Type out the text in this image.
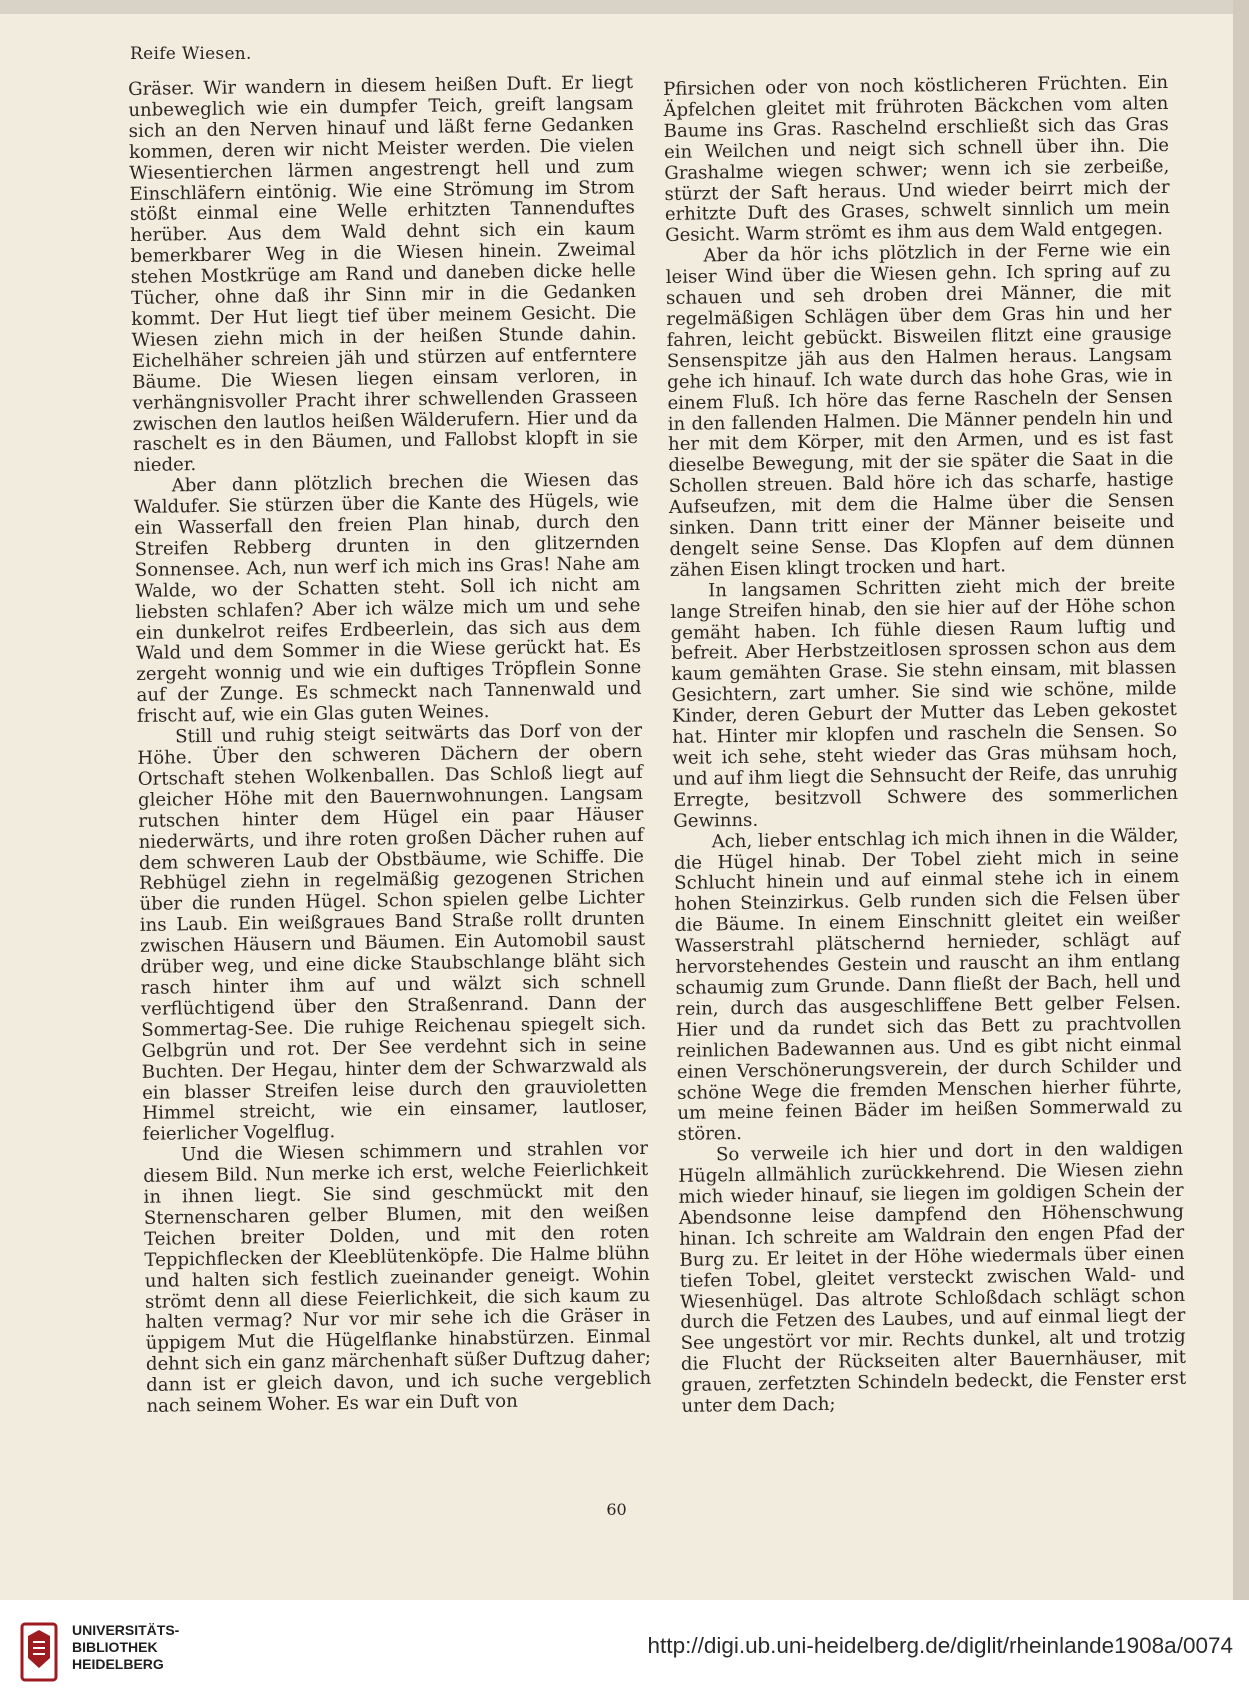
Reife Wiesen.

Gräser. Wir wandern in diesem heißen Duft. Er liegt unbeweglich wie ein dumpfer Teich, greift langsam sich an den Nerven hinauf und läßt ferne Gedanken kommen, deren wir nicht Meister werden. Die vielen Wiesentierchen lärmen angestrengt hell und zum Einschläfern eintönig. Wie eine Strömung im Strom stößt einmal eine Welle erhitzten Tannenduftes herüber. Aus dem Wald dehnt sich ein kaum bemerkbarer Weg in die Wiesen hinein. Zweimal stehen Mostkrüge am Rand und daneben dicke helle Tücher, ohne daß ihr Sinn mir in die Gedanken kommt. Der Hut liegt tief über meinem Gesicht. Die Wiesen ziehn mich in der heißen Stunde dahin. Eichelhäher schreien jäh und stürzen auf entferntere Bäume. Die Wiesen liegen einsam verloren, in verhängnisvoller Pracht ihrer schwellenden Grasseen zwischen den lautlos heißen Wälderufern. Hier und da raschelt es in den Bäumen, und Fallobst klopft in sie nieder.

Aber dann plötzlich brechen die Wiesen das Waldufer. Sie stürzen über die Kante des Hügels, wie ein Wasserfall den freien Plan hinab, durch den Streifen Rebberg drunten in den glitzernden Sonnensee. Ach, nun werf ich mich ins Gras! Nahe am Walde, wo der Schatten steht. Soll ich nicht am liebsten schlafen? Aber ich wälze mich um und sehe ein dunkelrot reifes Erdbeerlein, das sich aus dem Wald und dem Sommer in die Wiese gerückt hat. Es zergeht wonnig und wie ein duftiges Tröpflein Sonne auf der Zunge. Es schmeckt nach Tannenwald und frischt auf, wie ein Glas guten Weines.

Still und ruhig steigt seitwärts das Dorf von der Höhe. Über den schweren Dächern der obern Ortschaft stehen Wolkenballen. Das Schloß liegt auf gleicher Höhe mit den Bauernwohnungen. Langsam rutschen hinter dem Hügel ein paar Häuser niederwärts, und ihre roten großen Dächer ruhen auf dem schweren Laub der Obstbäume, wie Schiffe. Die Rebhügel ziehn in regelmäßig gezogenen Strichen über die runden Hügel. Schon spielen gelbe Lichter ins Laub. Ein weißgraues Band Straße rollt drunten zwischen Häusern und Bäumen. Ein Automobil saust drüber weg, und eine dicke Staubschlange bläht sich rasch hinter ihm auf und wälzt sich schnell verflüchtigend über den Straßenrand. Dann der Sommertag-See. Die ruhige Reichenau spiegelt sich. Gelbgrün und rot. Der See verdehnt sich in seine Buchten. Der Hegau, hinter dem der Schwarzwald als ein blasser Streifen leise durch den grauvioletten Himmel streicht, wie ein einsamer, lautloser, feierlicher Vogelflug.

Und die Wiesen schimmern und strahlen vor diesem Bild. Nun merke ich erst, welche Feierlichkeit in ihnen liegt. Sie sind geschmückt mit den Sternenscharen gelber Blumen, mit den weißen Teichen breiter Dolden, und mit den roten Teppichflecken der Kleeblütenköpfe. Die Halme blühn und halten sich festlich zueinander geneigt. Wohin strömt denn all diese Feierlichkeit, die sich kaum zu halten vermag? Nur vor mir sehe ich die Gräser in üppigem Mut die Hügelflanke hinabstürzen. Einmal dehnt sich ein ganz märchenhaft süßer Duftzug daher; dann ist er gleich davon, und ich suche vergeblich nach seinem Woher. Es war ein Duft von

Pfirsichen oder von noch köstlicheren Früchten. Ein Äpfelchen gleitet mit frühroten Bäckchen vom alten Baume ins Gras. Raschelnd erschließt sich das Gras ein Weilchen und neigt sich schnell über ihn. Die Grashalme wiegen schwer; wenn ich sie zerbeiße, stürzt der Saft heraus. Und wieder beirrt mich der erhitzte Duft des Grases, schwelt sinnlich um mein Gesicht. Warm strömt es ihm aus dem Wald entgegen.

Aber da hör ichs plötzlich in der Ferne wie ein leiser Wind über die Wiesen gehn. Ich spring auf zu schauen und seh droben drei Männer, die mit regelmäßigen Schlägen über dem Gras hin und her fahren, leicht gebückt. Bisweilen flitzt eine grausige Sensenspitze jäh aus den Halmen heraus. Langsam gehe ich hinauf. Ich wate durch das hohe Gras, wie in einem Fluß. Ich höre das ferne Rascheln der Sensen in den fallenden Halmen. Die Männer pendeln hin und her mit dem Körper, mit den Armen, und es ist fast dieselbe Bewegung, mit der sie später die Saat in die Schollen streuen. Bald höre ich das scharfe, hastige Aufseufzen, mit dem die Halme über die Sensen sinken. Dann tritt einer der Männer beiseite und dengelt seine Sense. Das Klopfen auf dem dünnen zähen Eisen klingt trocken und hart.

In langsamen Schritten zieht mich der breite lange Streifen hinab, den sie hier auf der Höhe schon gemäht haben. Ich fühle diesen Raum luftig und befreit. Aber Herbstzeitlosen sprossen schon aus dem kaum gemähten Grase. Sie stehn einsam, mit blassen Gesichtern, zart umher. Sie sind wie schöne, milde Kinder, deren Geburt der Mutter das Leben gekostet hat. Hinter mir klopfen und rascheln die Sensen. So weit ich sehe, steht wieder das Gras mühsam hoch, und auf ihm liegt die Sehnsucht der Reife, das unruhig Erregte, besitzvoll Schwere des sommerlichen Gewinns.

Ach, lieber entschlag ich mich ihnen in die Wälder, die Hügel hinab. Der Tobel zieht mich in seine Schlucht hinein und auf einmal stehe ich in einem hohen Steinzirkus. Gelb runden sich die Felsen über die Bäume. In einem Einschnitt gleitet ein weißer Wasserstrahl plätschernd hernieder, schlägt auf hervorstehendes Gestein und rauscht an ihm entlang schaumig zum Grunde. Dann fließt der Bach, hell und rein, durch das ausgeschliffene Bett gelber Felsen. Hier und da rundet sich das Bett zu prachtvollen reinlichen Badewannen aus. Und es gibt nicht einmal einen Verschönerungsverein, der durch Schilder und schöne Wege die fremden Menschen hierher führte, um meine feinen Bäder im heißen Sommerwald zu stören.

So verweile ich hier und dort in den waldigen Hügeln allmählich zurückkehrend. Die Wiesen ziehn mich wieder hinauf, sie liegen im goldigen Schein der Abendsonne leise dampfend den Höhenschwung hinan. Ich schreite am Waldrain den engen Pfad der Burg zu. Er leitet in der Höhe wiedermals über einen tiefen Tobel, gleitet versteckt zwischen Wald- und Wiesenhügel. Das altrote Schloßdach schlägt schon durch die Fetzen des Laubes, und auf einmal liegt der See ungestört vor mir. Rechts dunkel, alt und trotzig die Flucht der Rückseiten alter Bauernhäuser, mit grauen, zerfetzten Schindeln bedeckt, die Fenster erst unter dem Dach;

60
UNIVERSITÄTS-
BIBLIOTHEK
HEIDELBERG
http://digi.ub.uni-heidelberg.de/diglit/rheinlande1908a/0074
